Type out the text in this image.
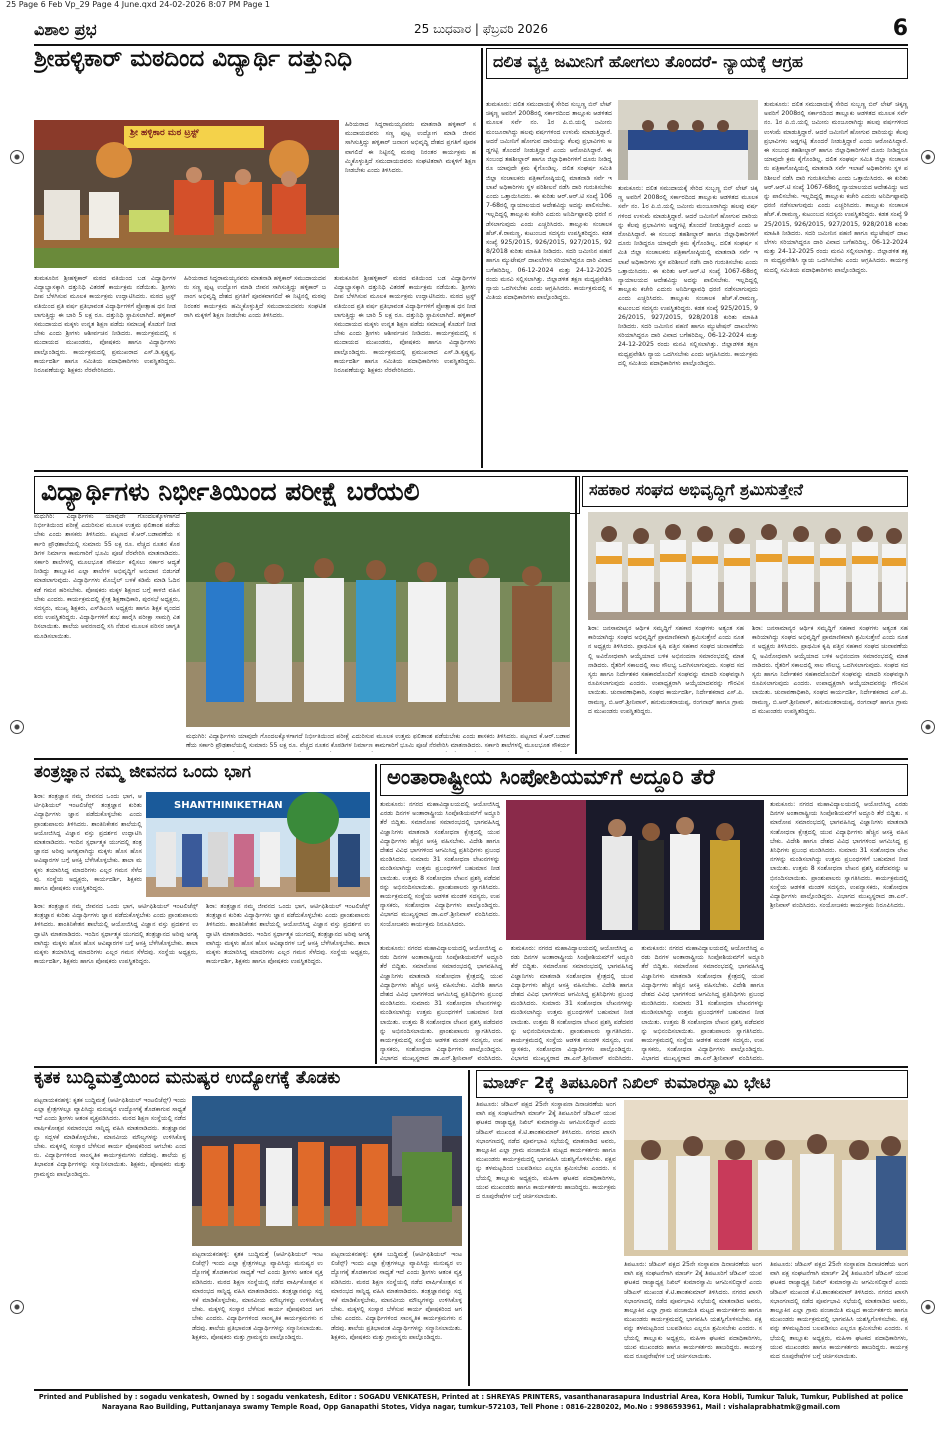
25 Page 6 Feb Vp_29 Page 4 June.qxd 24-02-2026 8:07 PM Page 1
ವಿಶಾಲ ಪ್ರಭ	25 ಬುಧವಾರ | ಫೆಬ್ರವರಿ 2026	6
ಶ್ರೀಹಳ್ಳಿಕಾರ್ ಮಠದಿಂದ ವಿದ್ಯಾರ್ಥಿ ದತ್ತುನಿಧಿ
ಶ್ರೀ ಹಳ್ಳಿಕಾರ ಮಠ ಟ್ರಸ್ಟ್
ಹಿರಿಯರಾದ ಸಿದ್ಧರಾಮಯ್ಯನವರು ಮಾತನಾಡಿ ಹಳ್ಳಿಕಾರ್ ಸಮುದಾಯದವರು ಸಣ್ಣ ಪುಟ್ಟ ಉದ್ಯೋಗ ಮಾಡಿ ಜೀವನ ಸಾಗಿಸುತ್ತಿದ್ದು ಹಳ್ಳಿಕಾರ್ ಜನಾಂಗ ಅಭಿವೃದ್ಧಿ ದೇಶದ ಪ್ರಗತಿಗೆ ಪೂರಕವಾಗಲಿದೆ ಈ ನಿಟ್ಟಿನಲ್ಲಿ ಮಠವು ನಿರಂತರ ಕಾರ್ಯಕ್ರಮ ಹಮ್ಮಿಕೊಳ್ಳುತ್ತಿದೆ ಸಮುದಾಯದವರು ಸಂಘಟಿತರಾಗಿ ಮಕ್ಕಳಿಗೆ ಶಿಕ್ಷಣ ನೀಡಬೇಕು ಎಂದು ತಿಳಿಸಿದರು.
ತುಮಕೂರಿನ ಶ್ರೀಹಳ್ಳಿಕಾರ್ ಮಠದ ವತಿಯಿಂದ ಬಡ ವಿದ್ಯಾರ್ಥಿಗಳ ವಿದ್ಯಾಭ್ಯಾಸಕ್ಕಾಗಿ ದತ್ತುನಿಧಿ ವಿತರಣೆ ಕಾರ್ಯಕ್ರಮ ನಡೆಯಿತು. ಶ್ರೀಗಳು ದೀಪ ಬೆಳಗಿಸುವ ಮೂಲಕ ಕಾರ್ಯಕ್ರಮ ಉದ್ಘಾಟಿಸಿದರು. ಮಠದ ಟ್ರಸ್ಟ್ ವತಿಯಿಂದ ಪ್ರತಿ ವರ್ಷ ಪ್ರತಿಭಾವಂತ ವಿದ್ಯಾರ್ಥಿಗಳಿಗೆ ಪ್ರೋತ್ಸಾಹ ಧನ ನೀಡಲಾಗುತ್ತಿದ್ದು ಈ ಬಾರಿ 5 ಲಕ್ಷ ರೂ. ದತ್ತುನಿಧಿ ಸ್ಥಾಪಿಸಲಾಗಿದೆ. ಹಳ್ಳಿಕಾರ್ ಸಮುದಾಯದ ಮಕ್ಕಳು ಉನ್ನತ ಶಿಕ್ಷಣ ಪಡೆದು ಸಮಾಜಕ್ಕೆ ಕೊಡುಗೆ ನೀಡಬೇಕು ಎಂದು ಶ್ರೀಗಳು ಆಶೀರ್ವಚನ ನೀಡಿದರು. ಕಾರ್ಯಕ್ರಮದಲ್ಲಿ ಸಮುದಾಯದ ಮುಖಂಡರು, ಪೋಷಕರು ಹಾಗೂ ವಿದ್ಯಾರ್ಥಿಗಳು ಪಾಲ್ಗೊಂಡಿದ್ದರು. ಕಾರ್ಯಕ್ರಮದಲ್ಲಿ ಪ್ರಮುಖರಾದ ಎಸ್.ಡಿ.ಕೃಷ್ಣಪ್ಪ, ಕಾರ್ಯದರ್ಶಿ ಹಾಗೂ ಸಮಿತಿಯ ಪದಾಧಿಕಾರಿಗಳು ಉಪಸ್ಥಿತರಿದ್ದರು. ನಿರೂಪಣೆಯನ್ನು ಶಿಕ್ಷಕರು ನೆರವೇರಿಸಿದರು.
ಹಿರಿಯರಾದ ಸಿದ್ಧರಾಮಯ್ಯನವರು ಮಾತನಾಡಿ ಹಳ್ಳಿಕಾರ್ ಸಮುದಾಯದವರು ಸಣ್ಣ ಪುಟ್ಟ ಉದ್ಯೋಗ ಮಾಡಿ ಜೀವನ ಸಾಗಿಸುತ್ತಿದ್ದು ಹಳ್ಳಿಕಾರ್ ಜನಾಂಗ ಅಭಿವೃದ್ಧಿ ದೇಶದ ಪ್ರಗತಿಗೆ ಪೂರಕವಾಗಲಿದೆ ಈ ನಿಟ್ಟಿನಲ್ಲಿ ಮಠವು ನಿರಂತರ ಕಾರ್ಯಕ್ರಮ ಹಮ್ಮಿಕೊಳ್ಳುತ್ತಿದೆ ಸಮುದಾಯದವರು ಸಂಘಟಿತರಾಗಿ ಮಕ್ಕಳಿಗೆ ಶಿಕ್ಷಣ ನೀಡಬೇಕು ಎಂದು ತಿಳಿಸಿದರು.
ತುಮಕೂರಿನ ಶ್ರೀಹಳ್ಳಿಕಾರ್ ಮಠದ ವತಿಯಿಂದ ಬಡ ವಿದ್ಯಾರ್ಥಿಗಳ ವಿದ್ಯಾಭ್ಯಾಸಕ್ಕಾಗಿ ದತ್ತುನಿಧಿ ವಿತರಣೆ ಕಾರ್ಯಕ್ರಮ ನಡೆಯಿತು. ಶ್ರೀಗಳು ದೀಪ ಬೆಳಗಿಸುವ ಮೂಲಕ ಕಾರ್ಯಕ್ರಮ ಉದ್ಘಾಟಿಸಿದರು. ಮಠದ ಟ್ರಸ್ಟ್ ವತಿಯಿಂದ ಪ್ರತಿ ವರ್ಷ ಪ್ರತಿಭಾವಂತ ವಿದ್ಯಾರ್ಥಿಗಳಿಗೆ ಪ್ರೋತ್ಸಾಹ ಧನ ನೀಡಲಾಗುತ್ತಿದ್ದು ಈ ಬಾರಿ 5 ಲಕ್ಷ ರೂ. ದತ್ತುನಿಧಿ ಸ್ಥಾಪಿಸಲಾಗಿದೆ. ಹಳ್ಳಿಕಾರ್ ಸಮುದಾಯದ ಮಕ್ಕಳು ಉನ್ನತ ಶಿಕ್ಷಣ ಪಡೆದು ಸಮಾಜಕ್ಕೆ ಕೊಡುಗೆ ನೀಡಬೇಕು ಎಂದು ಶ್ರೀಗಳು ಆಶೀರ್ವಚನ ನೀಡಿದರು. ಕಾರ್ಯಕ್ರಮದಲ್ಲಿ ಸಮುದಾಯದ ಮುಖಂಡರು, ಪೋಷಕರು ಹಾಗೂ ವಿದ್ಯಾರ್ಥಿಗಳು ಪಾಲ್ಗೊಂಡಿದ್ದರು. ಕಾರ್ಯಕ್ರಮದಲ್ಲಿ ಪ್ರಮುಖರಾದ ಎಸ್.ಡಿ.ಕೃಷ್ಣಪ್ಪ, ಕಾರ್ಯದರ್ಶಿ ಹಾಗೂ ಸಮಿತಿಯ ಪದಾಧಿಕಾರಿಗಳು ಉಪಸ್ಥಿತರಿದ್ದರು. ನಿರೂಪಣೆಯನ್ನು ಶಿಕ್ಷಕರು ನೆರವೇರಿಸಿದರು.
ದಲಿತ ವ್ಯಕ್ತಿ ಜಮೀನಿಗೆ ಹೋಗಲು ತೊಂದರೆ- ನ್ಯಾಯಕ್ಕೆ ಆಗ್ರಹ
ತುಮಕೂರು: ದಲಿತ ಸಮುದಾಯಕ್ಕೆ ಸೇರಿದ ಸುಬ್ಬಣ್ಣ ಬಿನ್ ಲೇಟ್ ಚಿಕ್ಕಣ್ಣ ಅವರಿಗೆ 2008ರಲ್ಲಿ ಸರ್ಕಾರದಿಂದ ತಾಲ್ಲೂಕು ಆಡಳಿತದ ಮೂಲಕ ಸರ್ವೆ ನಂ. 1ರ ಪಿ.ಬಿ.ಯಲ್ಲಿ ಜಮೀನು ಮಂಜೂರಾಗಿದ್ದು ಹಲವು ವರ್ಷಗಳಿಂದ ಉಳುಮೆ ಮಾಡುತ್ತಿದ್ದಾರೆ. ಆದರೆ ಜಮೀನಿಗೆ ಹೋಗುವ ದಾರಿಯನ್ನು ಕೆಲವು ಪ್ರಭಾವಿಗಳು ಅಡ್ಡಗಟ್ಟಿ ತೊಂದರೆ ನೀಡುತ್ತಿದ್ದಾರೆ ಎಂದು ಆರೋಪಿಸಿದ್ದಾರೆ. ಈ ಸಂಬಂಧ ತಹಶೀಲ್ದಾರ್ ಹಾಗೂ ಜಿಲ್ಲಾಧಿಕಾರಿಗಳಿಗೆ ದೂರು ನೀಡಿದ್ದರೂ ಯಾವುದೇ ಕ್ರಮ ಕೈಗೊಂಡಿಲ್ಲ. ದಲಿತ ಸಂಘರ್ಷ ಸಮಿತಿ ಜಿಲ್ಲಾ ಸಂಚಾಲಕರು ಪತ್ರಿಕಾಗೋಷ್ಠಿಯಲ್ಲಿ ಮಾತನಾಡಿ ಸರ್ವೆ ಇಲಾಖೆ ಅಧಿಕಾರಿಗಳು ಸ್ಥಳ ಪರಿಶೀಲನೆ ನಡೆಸಿ ದಾರಿ ಗುರುತಿಸಬೇಕು ಎಂದು ಒತ್ತಾಯಿಸಿದರು. ಈ ಕುರಿತು ಆರ್.ಆರ್.ಟಿ ಸಂಖ್ಯೆ 1067-68ರಲ್ಲಿ ನ್ಯಾಯಾಲಯದ ಆದೇಶವಿದ್ದು ಅದನ್ನು ಪಾಲಿಸಬೇಕು. ಇಲ್ಲದಿದ್ದಲ್ಲಿ ತಾಲ್ಲೂಕು ಕಚೇರಿ ಎದುರು ಅನಿರ್ದಿಷ್ಟಾವಧಿ ಧರಣಿ ನಡೆಸಲಾಗುವುದು ಎಂದು ಎಚ್ಚರಿಸಿದರು. ತಾಲ್ಲೂಕು ಸಂಚಾಲಕ ಹೆಚ್.ಕೆ.ರಾಮಣ್ಣ, ಕುಟುಂಬದ ಸದಸ್ಯರು ಉಪಸ್ಥಿತರಿದ್ದರು. ಕಡತ ಸಂಖ್ಯೆ 925/2015, 926/2015, 927/2015, 928/2018 ಕುರಿತು ಮಾಹಿತಿ ನೀಡಿದರು. ಸದರಿ ಜಮೀನಿನ ಪಹಣಿ ಹಾಗೂ ಮ್ಯುಟೇಷನ್ ದಾಖಲೆಗಳು ಸರಿಯಾಗಿದ್ದರೂ ದಾರಿ ವಿವಾದ ಬಗೆಹರಿದಿಲ್ಲ. 06-12-2024 ಮತ್ತು 24-12-2025 ರಂದು ಮನವಿ ಸಲ್ಲಿಸಲಾಗಿತ್ತು. ಜಿಲ್ಲಾಡಳಿತ ತಕ್ಷಣ ಮಧ್ಯಪ್ರವೇಶಿಸಿ ನ್ಯಾಯ ಒದಗಿಸಬೇಕು ಎಂದು ಆಗ್ರಹಿಸಿದರು. ಕಾರ್ಯಕ್ರಮದಲ್ಲಿ ಸಮಿತಿಯ ಪದಾಧಿಕಾರಿಗಳು ಪಾಲ್ಗೊಂಡಿದ್ದರು.
ತುಮಕೂರು: ದಲಿತ ಸಮುದಾಯಕ್ಕೆ ಸೇರಿದ ಸುಬ್ಬಣ್ಣ ಬಿನ್ ಲೇಟ್ ಚಿಕ್ಕಣ್ಣ ಅವರಿಗೆ 2008ರಲ್ಲಿ ಸರ್ಕಾರದಿಂದ ತಾಲ್ಲೂಕು ಆಡಳಿತದ ಮೂಲಕ ಸರ್ವೆ ನಂ. 1ರ ಪಿ.ಬಿ.ಯಲ್ಲಿ ಜಮೀನು ಮಂಜೂರಾಗಿದ್ದು ಹಲವು ವರ್ಷಗಳಿಂದ ಉಳುಮೆ ಮಾಡುತ್ತಿದ್ದಾರೆ. ಆದರೆ ಜಮೀನಿಗೆ ಹೋಗುವ ದಾರಿಯನ್ನು ಕೆಲವು ಪ್ರಭಾವಿಗಳು ಅಡ್ಡಗಟ್ಟಿ ತೊಂದರೆ ನೀಡುತ್ತಿದ್ದಾರೆ ಎಂದು ಆರೋಪಿಸಿದ್ದಾರೆ. ಈ ಸಂಬಂಧ ತಹಶೀಲ್ದಾರ್ ಹಾಗೂ ಜಿಲ್ಲಾಧಿಕಾರಿಗಳಿಗೆ ದೂರು ನೀಡಿದ್ದರೂ ಯಾವುದೇ ಕ್ರಮ ಕೈಗೊಂಡಿಲ್ಲ. ದಲಿತ ಸಂಘರ್ಷ ಸಮಿತಿ ಜಿಲ್ಲಾ ಸಂಚಾಲಕರು ಪತ್ರಿಕಾಗೋಷ್ಠಿಯಲ್ಲಿ ಮಾತನಾಡಿ ಸರ್ವೆ ಇಲಾಖೆ ಅಧಿಕಾರಿಗಳು ಸ್ಥಳ ಪರಿಶೀಲನೆ ನಡೆಸಿ ದಾರಿ ಗುರುತಿಸಬೇಕು ಎಂದು ಒತ್ತಾಯಿಸಿದರು. ಈ ಕುರಿತು ಆರ್.ಆರ್.ಟಿ ಸಂಖ್ಯೆ 1067-68ರಲ್ಲಿ ನ್ಯಾಯಾಲಯದ ಆದೇಶವಿದ್ದು ಅದನ್ನು ಪಾಲಿಸಬೇಕು. ಇಲ್ಲದಿದ್ದಲ್ಲಿ ತಾಲ್ಲೂಕು ಕಚೇರಿ ಎದುರು ಅನಿರ್ದಿಷ್ಟಾವಧಿ ಧರಣಿ ನಡೆಸಲಾಗುವುದು ಎಂದು ಎಚ್ಚರಿಸಿದರು. ತಾಲ್ಲೂಕು ಸಂಚಾಲಕ ಹೆಚ್.ಕೆ.ರಾಮಣ್ಣ, ಕುಟುಂಬದ ಸದಸ್ಯರು ಉಪಸ್ಥಿತರಿದ್ದರು. ಕಡತ ಸಂಖ್ಯೆ 925/2015, 926/2015, 927/2015, 928/2018 ಕುರಿತು ಮಾಹಿತಿ ನೀಡಿದರು. ಸದರಿ ಜಮೀನಿನ ಪಹಣಿ ಹಾಗೂ ಮ್ಯುಟೇಷನ್ ದಾಖಲೆಗಳು ಸರಿಯಾಗಿದ್ದರೂ ದಾರಿ ವಿವಾದ ಬಗೆಹರಿದಿಲ್ಲ. 06-12-2024 ಮತ್ತು 24-12-2025 ರಂದು ಮನವಿ ಸಲ್ಲಿಸಲಾಗಿತ್ತು. ಜಿಲ್ಲಾಡಳಿತ ತಕ್ಷಣ ಮಧ್ಯಪ್ರವೇಶಿಸಿ ನ್ಯಾಯ ಒದಗಿಸಬೇಕು ಎಂದು ಆಗ್ರಹಿಸಿದರು. ಕಾರ್ಯಕ್ರಮದಲ್ಲಿ ಸಮಿತಿಯ ಪದಾಧಿಕಾರಿಗಳು ಪಾಲ್ಗೊಂಡಿದ್ದರು.
ತುಮಕೂರು: ದಲಿತ ಸಮುದಾಯಕ್ಕೆ ಸೇರಿದ ಸುಬ್ಬಣ್ಣ ಬಿನ್ ಲೇಟ್ ಚಿಕ್ಕಣ್ಣ ಅವರಿಗೆ 2008ರಲ್ಲಿ ಸರ್ಕಾರದಿಂದ ತಾಲ್ಲೂಕು ಆಡಳಿತದ ಮೂಲಕ ಸರ್ವೆ ನಂ. 1ರ ಪಿ.ಬಿ.ಯಲ್ಲಿ ಜಮೀನು ಮಂಜೂರಾಗಿದ್ದು ಹಲವು ವರ್ಷಗಳಿಂದ ಉಳುಮೆ ಮಾಡುತ್ತಿದ್ದಾರೆ. ಆದರೆ ಜಮೀನಿಗೆ ಹೋಗುವ ದಾರಿಯನ್ನು ಕೆಲವು ಪ್ರಭಾವಿಗಳು ಅಡ್ಡಗಟ್ಟಿ ತೊಂದರೆ ನೀಡುತ್ತಿದ್ದಾರೆ ಎಂದು ಆರೋಪಿಸಿದ್ದಾರೆ. ಈ ಸಂಬಂಧ ತಹಶೀಲ್ದಾರ್ ಹಾಗೂ ಜಿಲ್ಲಾಧಿಕಾರಿಗಳಿಗೆ ದೂರು ನೀಡಿದ್ದರೂ ಯಾವುದೇ ಕ್ರಮ ಕೈಗೊಂಡಿಲ್ಲ. ದಲಿತ ಸಂಘರ್ಷ ಸಮಿತಿ ಜಿಲ್ಲಾ ಸಂಚಾಲಕರು ಪತ್ರಿಕಾಗೋಷ್ಠಿಯಲ್ಲಿ ಮಾತನಾಡಿ ಸರ್ವೆ ಇಲಾಖೆ ಅಧಿಕಾರಿಗಳು ಸ್ಥಳ ಪರಿಶೀಲನೆ ನಡೆಸಿ ದಾರಿ ಗುರುತಿಸಬೇಕು ಎಂದು ಒತ್ತಾಯಿಸಿದರು. ಈ ಕುರಿತು ಆರ್.ಆರ್.ಟಿ ಸಂಖ್ಯೆ 1067-68ರಲ್ಲಿ ನ್ಯಾಯಾಲಯದ ಆದೇಶವಿದ್ದು ಅದನ್ನು ಪಾಲಿಸಬೇಕು. ಇಲ್ಲದಿದ್ದಲ್ಲಿ ತಾಲ್ಲೂಕು ಕಚೇರಿ ಎದುರು ಅನಿರ್ದಿಷ್ಟಾವಧಿ ಧರಣಿ ನಡೆಸಲಾಗುವುದು ಎಂದು ಎಚ್ಚರಿಸಿದರು. ತಾಲ್ಲೂಕು ಸಂಚಾಲಕ ಹೆಚ್.ಕೆ.ರಾಮಣ್ಣ, ಕುಟುಂಬದ ಸದಸ್ಯರು ಉಪಸ್ಥಿತರಿದ್ದರು. ಕಡತ ಸಂಖ್ಯೆ 925/2015, 926/2015, 927/2015, 928/2018 ಕುರಿತು ಮಾಹಿತಿ ನೀಡಿದರು. ಸದರಿ ಜಮೀನಿನ ಪಹಣಿ ಹಾಗೂ ಮ್ಯುಟೇಷನ್ ದಾಖಲೆಗಳು ಸರಿಯಾಗಿದ್ದರೂ ದಾರಿ ವಿವಾದ ಬಗೆಹರಿದಿಲ್ಲ. 06-12-2024 ಮತ್ತು 24-12-2025 ರಂದು ಮನವಿ ಸಲ್ಲಿಸಲಾಗಿತ್ತು. ಜಿಲ್ಲಾಡಳಿತ ತಕ್ಷಣ ಮಧ್ಯಪ್ರವೇಶಿಸಿ ನ್ಯಾಯ ಒದಗಿಸಬೇಕು ಎಂದು ಆಗ್ರಹಿಸಿದರು. ಕಾರ್ಯಕ್ರಮದಲ್ಲಿ ಸಮಿತಿಯ ಪದಾಧಿಕಾರಿಗಳು ಪಾಲ್ಗೊಂಡಿದ್ದರು.
ವಿದ್ಯಾರ್ಥಿಗಳು ನಿರ್ಭೀತಿಯಿಂದ ಪರೀಕ್ಷೆ ಬರೆಯಲಿ
ಮಧುಗಿರಿ: ವಿದ್ಯಾರ್ಥಿಗಳು ಯಾವುದೇ ಗೊಂದಲಕ್ಕೊಳಗಾಗದೆ ನಿರ್ಭೀತಿಯಿಂದ ಪರೀಕ್ಷೆ ಎದುರಿಸುವ ಮೂಲಕ ಉತ್ತಮ ಫಲಿತಾಂಶ ಪಡೆಯಬೇಕು ಎಂದು ಶಾಸಕರು ತಿಳಿಸಿದರು. ಪಟ್ಟಣದ ಕೆ.ಆರ್.ಬಡಾವಣೆಯ ಸರ್ಕಾರಿ ಪ್ರೌಢಶಾಲೆಯಲ್ಲಿ ಸುಮಾರು 55 ಲಕ್ಷ ರೂ. ವೆಚ್ಚದ ನೂತನ ಕೊಠಡಿಗಳ ನಿರ್ಮಾಣ ಕಾಮಗಾರಿಗೆ ಭೂಮಿ ಪೂಜೆ ನೆರವೇರಿಸಿ ಮಾತನಾಡಿದರು. ಸರ್ಕಾರಿ ಶಾಲೆಗಳಲ್ಲಿ ಮೂಲಭೂತ ಸೌಕರ್ಯ ಕಲ್ಪಿಸಲು ಸರ್ಕಾರ ಆದ್ಯತೆ ನೀಡಿದ್ದು ತಾಲ್ಲೂಕಿನ ಎಲ್ಲಾ ಶಾಲೆಗಳ ಅಭಿವೃದ್ಧಿಗೆ ಅನುದಾನ ಬಿಡುಗಡೆ ಮಾಡಲಾಗುವುದು. ವಿದ್ಯಾರ್ಥಿಗಳು ಮೊಬೈಲ್ ಬಳಕೆ ಕಡಿಮೆ ಮಾಡಿ ಓದಿನ ಕಡೆ ಗಮನ ಹರಿಸಬೇಕು. ಪೋಷಕರು ಮಕ್ಕಳ ಶಿಕ್ಷಣದ ಬಗ್ಗೆ ಕಾಳಜಿ ವಹಿಸಬೇಕು ಎಂದರು. ಕಾರ್ಯಕ್ರಮದಲ್ಲಿ ಕ್ಷೇತ್ರ ಶಿಕ್ಷಣಾಧಿಕಾರಿ, ಪುರಸಭೆ ಅಧ್ಯಕ್ಷರು, ಸದಸ್ಯರು, ಮುಖ್ಯ ಶಿಕ್ಷಕರು, ಎಸ್‌ಡಿಎಂಸಿ ಅಧ್ಯಕ್ಷರು ಹಾಗೂ ಶಿಕ್ಷಕ ವೃಂದದವರು ಉಪಸ್ಥಿತರಿದ್ದರು. ವಿದ್ಯಾರ್ಥಿಗಳಿಗೆ ಶುಭ ಹಾರೈಸಿ ಪರೀಕ್ಷಾ ಸಾಮಗ್ರಿ ವಿತರಿಸಲಾಯಿತು. ಶಾಲೆಯ ಆವರಣದಲ್ಲಿ ಸಸಿ ನೆಡುವ ಮೂಲಕ ಪರಿಸರ ಜಾಗೃತಿ ಮೂಡಿಸಲಾಯಿತು.
ಮಧುಗಿರಿ: ವಿದ್ಯಾರ್ಥಿಗಳು ಯಾವುದೇ ಗೊಂದಲಕ್ಕೊಳಗಾಗದೆ ನಿರ್ಭೀತಿಯಿಂದ ಪರೀಕ್ಷೆ ಎದುರಿಸುವ ಮೂಲಕ ಉತ್ತಮ ಫಲಿತಾಂಶ ಪಡೆಯಬೇಕು ಎಂದು ಶಾಸಕರು ತಿಳಿಸಿದರು. ಪಟ್ಟಣದ ಕೆ.ಆರ್.ಬಡಾವಣೆಯ ಸರ್ಕಾರಿ ಪ್ರೌಢಶಾಲೆಯಲ್ಲಿ ಸುಮಾರು 55 ಲಕ್ಷ ರೂ. ವೆಚ್ಚದ ನೂತನ ಕೊಠಡಿಗಳ ನಿರ್ಮಾಣ ಕಾಮಗಾರಿಗೆ ಭೂಮಿ ಪೂಜೆ ನೆರವೇರಿಸಿ ಮಾತನಾಡಿದರು. ಸರ್ಕಾರಿ ಶಾಲೆಗಳಲ್ಲಿ ಮೂಲಭೂತ ಸೌಕರ್ಯ
ಸಹಕಾರ ಸಂಘದ ಅಭಿವೃದ್ಧಿಗೆ ಶ್ರಮಿಸುತ್ತೇನೆ
ಶಿರಾ: ಜನಸಾಮಾನ್ಯರ ಆರ್ಥಿಕ ಸಮೃದ್ಧಿಗೆ ಸಹಕಾರ ಸಂಘಗಳು ಅತ್ಯಂತ ಸಹಕಾರಿಯಾಗಿದ್ದು ಸಂಘದ ಅಭಿವೃದ್ಧಿಗೆ ಪ್ರಾಮಾಣಿಕವಾಗಿ ಶ್ರಮಿಸುತ್ತೇನೆ ಎಂದು ನೂತನ ಅಧ್ಯಕ್ಷರು ತಿಳಿಸಿದರು. ಪ್ರಾಥಮಿಕ ಕೃಷಿ ಪತ್ತಿನ ಸಹಕಾರ ಸಂಘದ ಚುನಾವಣೆಯಲ್ಲಿ ಅವಿರೋಧವಾಗಿ ಆಯ್ಕೆಯಾದ ಬಳಿಕ ಅಭಿನಂದನಾ ಸಮಾರಂಭದಲ್ಲಿ ಮಾತನಾಡಿದರು. ರೈತರಿಗೆ ಸಕಾಲದಲ್ಲಿ ಸಾಲ ಸೌಲಭ್ಯ ಒದಗಿಸಲಾಗುವುದು. ಸಂಘದ ಸದಸ್ಯರು ಹಾಗೂ ನಿರ್ದೇಶಕರ ಸಹಕಾರದೊಂದಿಗೆ ಸಂಘವನ್ನು ಮಾದರಿ ಸಂಘವನ್ನಾಗಿ ರೂಪಿಸಲಾಗುವುದು ಎಂದರು. ಉಪಾಧ್ಯಕ್ಷರಾಗಿ ಆಯ್ಕೆಯಾದವರನ್ನು ಗೌರವಿಸಲಾಯಿತು. ಚುನಾವಣಾಧಿಕಾರಿ, ಸಂಘದ ಕಾರ್ಯದರ್ಶಿ, ನಿರ್ದೇಶಕರಾದ ಎಸ್.ಪಿ.ರಾಮಣ್ಣ, ಬಿ.ಆರ್.ಶ್ರೀನಿವಾಸ್, ಹನುಮಂತರಾಯಪ್ಪ, ರಂಗನಾಥ್ ಹಾಗೂ ಗ್ರಾಮದ ಮುಖಂಡರು ಉಪಸ್ಥಿತರಿದ್ದರು.
ಶಿರಾ: ಜನಸಾಮಾನ್ಯರ ಆರ್ಥಿಕ ಸಮೃದ್ಧಿಗೆ ಸಹಕಾರ ಸಂಘಗಳು ಅತ್ಯಂತ ಸಹಕಾರಿಯಾಗಿದ್ದು ಸಂಘದ ಅಭಿವೃದ್ಧಿಗೆ ಪ್ರಾಮಾಣಿಕವಾಗಿ ಶ್ರಮಿಸುತ್ತೇನೆ ಎಂದು ನೂತನ ಅಧ್ಯಕ್ಷರು ತಿಳಿಸಿದರು. ಪ್ರಾಥಮಿಕ ಕೃಷಿ ಪತ್ತಿನ ಸಹಕಾರ ಸಂಘದ ಚುನಾವಣೆಯಲ್ಲಿ ಅವಿರೋಧವಾಗಿ ಆಯ್ಕೆಯಾದ ಬಳಿಕ ಅಭಿನಂದನಾ ಸಮಾರಂಭದಲ್ಲಿ ಮಾತನಾಡಿದರು. ರೈತರಿಗೆ ಸಕಾಲದಲ್ಲಿ ಸಾಲ ಸೌಲಭ್ಯ ಒದಗಿಸಲಾಗುವುದು. ಸಂಘದ ಸದಸ್ಯರು ಹಾಗೂ ನಿರ್ದೇಶಕರ ಸಹಕಾರದೊಂದಿಗೆ ಸಂಘವನ್ನು ಮಾದರಿ ಸಂಘವನ್ನಾಗಿ ರೂಪಿಸಲಾಗುವುದು ಎಂದರು. ಉಪಾಧ್ಯಕ್ಷರಾಗಿ ಆಯ್ಕೆಯಾದವರನ್ನು ಗೌರವಿಸಲಾಯಿತು. ಚುನಾವಣಾಧಿಕಾರಿ, ಸಂಘದ ಕಾರ್ಯದರ್ಶಿ, ನಿರ್ದೇಶಕರಾದ ಎಸ್.ಪಿ.ರಾಮಣ್ಣ, ಬಿ.ಆರ್.ಶ್ರೀನಿವಾಸ್, ಹನುಮಂತರಾಯಪ್ಪ, ರಂಗನಾಥ್ ಹಾಗೂ ಗ್ರಾಮದ ಮುಖಂಡರು ಉಪಸ್ಥಿತರಿದ್ದರು.
ತಂತ್ರಜ್ಞಾನ ನಮ್ಮ ಜೀವನದ ಒಂದು ಭಾಗ
ಶಿರಾ: ತಂತ್ರಜ್ಞಾನ ನಮ್ಮ ಜೀವನದ ಒಂದು ಭಾಗ, ಆರ್ಟಿಫಿಶಿಯಲ್ ಇಂಟಲಿಜೆನ್ಸ್ ತಂತ್ರಜ್ಞಾನ ಕುರಿತು ವಿದ್ಯಾರ್ಥಿಗಳು ಜ್ಞಾನ ಪಡೆದುಕೊಳ್ಳಬೇಕು ಎಂದು ಪ್ರಾಂಶುಪಾಲರು ತಿಳಿಸಿದರು. ಶಾಂತಿನಿಕೇತನ ಶಾಲೆಯಲ್ಲಿ ಆಯೋಜಿಸಿದ್ದ ವಿಜ್ಞಾನ ವಸ್ತು ಪ್ರದರ್ಶನ ಉದ್ಘಾಟಿಸಿ ಮಾತನಾಡಿದರು. ಇಂದಿನ ಸ್ಪರ್ಧಾತ್ಮಕ ಯುಗದಲ್ಲಿ ತಂತ್ರಜ್ಞಾನದ ಅರಿವು ಅಗತ್ಯವಾಗಿದ್ದು ಮಕ್ಕಳು ಹೊಸ ಹೊಸ ಆವಿಷ್ಕಾರಗಳ ಬಗ್ಗೆ ಆಸಕ್ತಿ ಬೆಳೆಸಿಕೊಳ್ಳಬೇಕು. ಶಾಲಾ ಮಕ್ಕಳು ತಯಾರಿಸಿದ್ದ ಮಾದರಿಗಳು ಎಲ್ಲರ ಗಮನ ಸೆಳೆದವು. ಸಂಸ್ಥೆಯ ಅಧ್ಯಕ್ಷರು, ಕಾರ್ಯದರ್ಶಿ, ಶಿಕ್ಷಕರು ಹಾಗೂ ಪೋಷಕರು ಉಪಸ್ಥಿತರಿದ್ದರು.
SHANTHINIKETHAN
ಶಿರಾ: ತಂತ್ರಜ್ಞಾನ ನಮ್ಮ ಜೀವನದ ಒಂದು ಭಾಗ, ಆರ್ಟಿಫಿಶಿಯಲ್ ಇಂಟಲಿಜೆನ್ಸ್ ತಂತ್ರಜ್ಞಾನ ಕುರಿತು ವಿದ್ಯಾರ್ಥಿಗಳು ಜ್ಞಾನ ಪಡೆದುಕೊಳ್ಳಬೇಕು ಎಂದು ಪ್ರಾಂಶುಪಾಲರು ತಿಳಿಸಿದರು. ಶಾಂತಿನಿಕೇತನ ಶಾಲೆಯಲ್ಲಿ ಆಯೋಜಿಸಿದ್ದ ವಿಜ್ಞಾನ ವಸ್ತು ಪ್ರದರ್ಶನ ಉದ್ಘಾಟಿಸಿ ಮಾತನಾಡಿದರು. ಇಂದಿನ ಸ್ಪರ್ಧಾತ್ಮಕ ಯುಗದಲ್ಲಿ ತಂತ್ರಜ್ಞಾನದ ಅರಿವು ಅಗತ್ಯವಾಗಿದ್ದು ಮಕ್ಕಳು ಹೊಸ ಹೊಸ ಆವಿಷ್ಕಾರಗಳ ಬಗ್ಗೆ ಆಸಕ್ತಿ ಬೆಳೆಸಿಕೊಳ್ಳಬೇಕು. ಶಾಲಾ ಮಕ್ಕಳು ತಯಾರಿಸಿದ್ದ ಮಾದರಿಗಳು ಎಲ್ಲರ ಗಮನ ಸೆಳೆದವು. ಸಂಸ್ಥೆಯ ಅಧ್ಯಕ್ಷರು, ಕಾರ್ಯದರ್ಶಿ, ಶಿಕ್ಷಕರು ಹಾಗೂ ಪೋಷಕರು ಉಪಸ್ಥಿತರಿದ್ದರು.
ಶಿರಾ: ತಂತ್ರಜ್ಞಾನ ನಮ್ಮ ಜೀವನದ ಒಂದು ಭಾಗ, ಆರ್ಟಿಫಿಶಿಯಲ್ ಇಂಟಲಿಜೆನ್ಸ್ ತಂತ್ರಜ್ಞಾನ ಕುರಿತು ವಿದ್ಯಾರ್ಥಿಗಳು ಜ್ಞಾನ ಪಡೆದುಕೊಳ್ಳಬೇಕು ಎಂದು ಪ್ರಾಂಶುಪಾಲರು ತಿಳಿಸಿದರು. ಶಾಂತಿನಿಕೇತನ ಶಾಲೆಯಲ್ಲಿ ಆಯೋಜಿಸಿದ್ದ ವಿಜ್ಞಾನ ವಸ್ತು ಪ್ರದರ್ಶನ ಉದ್ಘಾಟಿಸಿ ಮಾತನಾಡಿದರು. ಇಂದಿನ ಸ್ಪರ್ಧಾತ್ಮಕ ಯುಗದಲ್ಲಿ ತಂತ್ರಜ್ಞಾನದ ಅರಿವು ಅಗತ್ಯವಾಗಿದ್ದು ಮಕ್ಕಳು ಹೊಸ ಹೊಸ ಆವಿಷ್ಕಾರಗಳ ಬಗ್ಗೆ ಆಸಕ್ತಿ ಬೆಳೆಸಿಕೊಳ್ಳಬೇಕು. ಶಾಲಾ ಮಕ್ಕಳು ತಯಾರಿಸಿದ್ದ ಮಾದರಿಗಳು ಎಲ್ಲರ ಗಮನ ಸೆಳೆದವು. ಸಂಸ್ಥೆಯ ಅಧ್ಯಕ್ಷರು, ಕಾರ್ಯದರ್ಶಿ, ಶಿಕ್ಷಕರು ಹಾಗೂ ಪೋಷಕರು ಉಪಸ್ಥಿತರಿದ್ದರು.
ಅಂತಾರಾಷ್ಟ್ರೀಯ ಸಿಂಪೋಶಿಯಮ್‌ಗೆ ಅದ್ದೂರಿ ತೆರೆ
ತುಮಕೂರು: ನಗರದ ಮಹಾವಿದ್ಯಾಲಯದಲ್ಲಿ ಆಯೋಜಿಸಿದ್ದ ಎರಡು ದಿನಗಳ ಅಂತಾರಾಷ್ಟ್ರೀಯ ಸಿಂಪೋಶಿಯಮ್‌ಗೆ ಅದ್ದೂರಿ ತೆರೆ ಬಿದ್ದಿತು. ಸಮಾರೋಪ ಸಮಾರಂಭದಲ್ಲಿ ಭಾಗವಹಿಸಿದ್ದ ವಿಜ್ಞಾನಿಗಳು ಮಾತನಾಡಿ ಸಂಶೋಧನಾ ಕ್ಷೇತ್ರದಲ್ಲಿ ಯುವ ವಿದ್ಯಾರ್ಥಿಗಳು ಹೆಚ್ಚಿನ ಆಸಕ್ತಿ ವಹಿಸಬೇಕು. ವಿದೇಶಿ ಹಾಗೂ ದೇಶದ ವಿವಿಧ ಭಾಗಗಳಿಂದ ಆಗಮಿಸಿದ್ದ ಪ್ರತಿನಿಧಿಗಳು ಪ್ರಬಂಧ ಮಂಡಿಸಿದರು. ಸುಮಾರು 31 ಸಂಶೋಧನಾ ಲೇಖನಗಳನ್ನು ಮಂಡಿಸಲಾಗಿದ್ದು ಉತ್ತಮ ಪ್ರಬಂಧಗಳಿಗೆ ಬಹುಮಾನ ನೀಡಲಾಯಿತು. ಉತ್ತಮ 8 ಸಂಶೋಧನಾ ಲೇಖನ ಪ್ರಶಸ್ತಿ ಪಡೆದವರನ್ನು ಅಭಿನಂದಿಸಲಾಯಿತು. ಪ್ರಾಂಶುಪಾಲರು ಸ್ವಾಗತಿಸಿದರು. ಕಾರ್ಯಕ್ರಮದಲ್ಲಿ ಸಂಸ್ಥೆಯ ಆಡಳಿತ ಮಂಡಳಿ ಸದಸ್ಯರು, ಉಪನ್ಯಾಸಕರು, ಸಂಶೋಧನಾ ವಿದ್ಯಾರ್ಥಿಗಳು ಪಾಲ್ಗೊಂಡಿದ್ದರು. ವಿಭಾಗದ ಮುಖ್ಯಸ್ಥರಾದ ಡಾ.ಎನ್.ಶ್ರೀನಿವಾಸ್ ವಂದಿಸಿದರು. ಸಂಯೋಜಕರು ಕಾರ್ಯಕ್ರಮ ನಿರೂಪಿಸಿದರು.
ತುಮಕೂರು: ನಗರದ ಮಹಾವಿದ್ಯಾಲಯದಲ್ಲಿ ಆಯೋಜಿಸಿದ್ದ ಎರಡು ದಿನಗಳ ಅಂತಾರಾಷ್ಟ್ರೀಯ ಸಿಂಪೋಶಿಯಮ್‌ಗೆ ಅದ್ದೂರಿ ತೆರೆ ಬಿದ್ದಿತು. ಸಮಾರೋಪ ಸಮಾರಂಭದಲ್ಲಿ ಭಾಗವಹಿಸಿದ್ದ ವಿಜ್ಞಾನಿಗಳು ಮಾತನಾಡಿ ಸಂಶೋಧನಾ ಕ್ಷೇತ್ರದಲ್ಲಿ ಯುವ ವಿದ್ಯಾರ್ಥಿಗಳು ಹೆಚ್ಚಿನ ಆಸಕ್ತಿ ವಹಿಸಬೇಕು. ವಿದೇಶಿ ಹಾಗೂ ದೇಶದ ವಿವಿಧ ಭಾಗಗಳಿಂದ ಆಗಮಿಸಿದ್ದ ಪ್ರತಿನಿಧಿಗಳು ಪ್ರಬಂಧ ಮಂಡಿಸಿದರು. ಸುಮಾರು 31 ಸಂಶೋಧನಾ ಲೇಖನಗಳನ್ನು ಮಂಡಿಸಲಾಗಿದ್ದು ಉತ್ತಮ ಪ್ರಬಂಧಗಳಿಗೆ ಬಹುಮಾನ ನೀಡಲಾಯಿತು. ಉತ್ತಮ 8 ಸಂಶೋಧನಾ ಲೇಖನ ಪ್ರಶಸ್ತಿ ಪಡೆದವರನ್ನು ಅಭಿನಂದಿಸಲಾಯಿತು. ಪ್ರಾಂಶುಪಾಲರು ಸ್ವಾಗತಿಸಿದರು. ಕಾರ್ಯಕ್ರಮದಲ್ಲಿ ಸಂಸ್ಥೆಯ ಆಡಳಿತ ಮಂಡಳಿ ಸದಸ್ಯರು, ಉಪನ್ಯಾಸಕರು, ಸಂಶೋಧನಾ ವಿದ್ಯಾರ್ಥಿಗಳು ಪಾಲ್ಗೊಂಡಿದ್ದರು. ವಿಭಾಗದ ಮುಖ್ಯಸ್ಥರಾದ ಡಾ.ಎನ್.ಶ್ರೀನಿವಾಸ್ ವಂದಿಸಿದರು. ಸಂಯೋಜಕರು ಕಾರ್ಯಕ್ರಮ ನಿರೂಪಿಸಿದರು.
ತುಮಕೂರು: ನಗರದ ಮಹಾವಿದ್ಯಾಲಯದಲ್ಲಿ ಆಯೋಜಿಸಿದ್ದ ಎರಡು ದಿನಗಳ ಅಂತಾರಾಷ್ಟ್ರೀಯ ಸಿಂಪೋಶಿಯಮ್‌ಗೆ ಅದ್ದೂರಿ ತೆರೆ ಬಿದ್ದಿತು. ಸಮಾರೋಪ ಸಮಾರಂಭದಲ್ಲಿ ಭಾಗವಹಿಸಿದ್ದ ವಿಜ್ಞಾನಿಗಳು ಮಾತನಾಡಿ ಸಂಶೋಧನಾ ಕ್ಷೇತ್ರದಲ್ಲಿ ಯುವ ವಿದ್ಯಾರ್ಥಿಗಳು ಹೆಚ್ಚಿನ ಆಸಕ್ತಿ ವಹಿಸಬೇಕು. ವಿದೇಶಿ ಹಾಗೂ ದೇಶದ ವಿವಿಧ ಭಾಗಗಳಿಂದ ಆಗಮಿಸಿದ್ದ ಪ್ರತಿನಿಧಿಗಳು ಪ್ರಬಂಧ ಮಂಡಿಸಿದರು. ಸುಮಾರು 31 ಸಂಶೋಧನಾ ಲೇಖನಗಳನ್ನು ಮಂಡಿಸಲಾಗಿದ್ದು ಉತ್ತಮ ಪ್ರಬಂಧಗಳಿಗೆ ಬಹುಮಾನ ನೀಡಲಾಯಿತು. ಉತ್ತಮ 8 ಸಂಶೋಧನಾ ಲೇಖನ ಪ್ರಶಸ್ತಿ ಪಡೆದವರನ್ನು ಅಭಿನಂದಿಸಲಾಯಿತು. ಪ್ರಾಂಶುಪಾಲರು ಸ್ವಾಗತಿಸಿದರು. ಕಾರ್ಯಕ್ರಮದಲ್ಲಿ ಸಂಸ್ಥೆಯ ಆಡಳಿತ ಮಂಡಳಿ ಸದಸ್ಯರು, ಉಪನ್ಯಾಸಕರು, ಸಂಶೋಧನಾ ವಿದ್ಯಾರ್ಥಿಗಳು ಪಾಲ್ಗೊಂಡಿದ್ದರು. ವಿಭಾಗದ ಮುಖ್ಯಸ್ಥರಾದ ಡಾ.ಎನ್.ಶ್ರೀನಿವಾಸ್ ವಂದಿಸಿದರು.
ತುಮಕೂರು: ನಗರದ ಮಹಾವಿದ್ಯಾಲಯದಲ್ಲಿ ಆಯೋಜಿಸಿದ್ದ ಎರಡು ದಿನಗಳ ಅಂತಾರಾಷ್ಟ್ರೀಯ ಸಿಂಪೋಶಿಯಮ್‌ಗೆ ಅದ್ದೂರಿ ತೆರೆ ಬಿದ್ದಿತು. ಸಮಾರೋಪ ಸಮಾರಂಭದಲ್ಲಿ ಭಾಗವಹಿಸಿದ್ದ ವಿಜ್ಞಾನಿಗಳು ಮಾತನಾಡಿ ಸಂಶೋಧನಾ ಕ್ಷೇತ್ರದಲ್ಲಿ ಯುವ ವಿದ್ಯಾರ್ಥಿಗಳು ಹೆಚ್ಚಿನ ಆಸಕ್ತಿ ವಹಿಸಬೇಕು. ವಿದೇಶಿ ಹಾಗೂ ದೇಶದ ವಿವಿಧ ಭಾಗಗಳಿಂದ ಆಗಮಿಸಿದ್ದ ಪ್ರತಿನಿಧಿಗಳು ಪ್ರಬಂಧ ಮಂಡಿಸಿದರು. ಸುಮಾರು 31 ಸಂಶೋಧನಾ ಲೇಖನಗಳನ್ನು ಮಂಡಿಸಲಾಗಿದ್ದು ಉತ್ತಮ ಪ್ರಬಂಧಗಳಿಗೆ ಬಹುಮಾನ ನೀಡಲಾಯಿತು. ಉತ್ತಮ 8 ಸಂಶೋಧನಾ ಲೇಖನ ಪ್ರಶಸ್ತಿ ಪಡೆದವರನ್ನು ಅಭಿನಂದಿಸಲಾಯಿತು. ಪ್ರಾಂಶುಪಾಲರು ಸ್ವಾಗತಿಸಿದರು. ಕಾರ್ಯಕ್ರಮದಲ್ಲಿ ಸಂಸ್ಥೆಯ ಆಡಳಿತ ಮಂಡಳಿ ಸದಸ್ಯರು, ಉಪನ್ಯಾಸಕರು, ಸಂಶೋಧನಾ ವಿದ್ಯಾರ್ಥಿಗಳು ಪಾಲ್ಗೊಂಡಿದ್ದರು. ವಿಭಾಗದ ಮುಖ್ಯಸ್ಥರಾದ ಡಾ.ಎನ್.ಶ್ರೀನಿವಾಸ್ ವಂದಿಸಿದರು.
ತುಮಕೂರು: ನಗರದ ಮಹಾವಿದ್ಯಾಲಯದಲ್ಲಿ ಆಯೋಜಿಸಿದ್ದ ಎರಡು ದಿನಗಳ ಅಂತಾರಾಷ್ಟ್ರೀಯ ಸಿಂಪೋಶಿಯಮ್‌ಗೆ ಅದ್ದೂರಿ ತೆರೆ ಬಿದ್ದಿತು. ಸಮಾರೋಪ ಸಮಾರಂಭದಲ್ಲಿ ಭಾಗವಹಿಸಿದ್ದ ವಿಜ್ಞಾನಿಗಳು ಮಾತನಾಡಿ ಸಂಶೋಧನಾ ಕ್ಷೇತ್ರದಲ್ಲಿ ಯುವ ವಿದ್ಯಾರ್ಥಿಗಳು ಹೆಚ್ಚಿನ ಆಸಕ್ತಿ ವಹಿಸಬೇಕು. ವಿದೇಶಿ ಹಾಗೂ ದೇಶದ ವಿವಿಧ ಭಾಗಗಳಿಂದ ಆಗಮಿಸಿದ್ದ ಪ್ರತಿನಿಧಿಗಳು ಪ್ರಬಂಧ ಮಂಡಿಸಿದರು. ಸುಮಾರು 31 ಸಂಶೋಧನಾ ಲೇಖನಗಳನ್ನು ಮಂಡಿಸಲಾಗಿದ್ದು ಉತ್ತಮ ಪ್ರಬಂಧಗಳಿಗೆ ಬಹುಮಾನ ನೀಡಲಾಯಿತು. ಉತ್ತಮ 8 ಸಂಶೋಧನಾ ಲೇಖನ ಪ್ರಶಸ್ತಿ ಪಡೆದವರನ್ನು ಅಭಿನಂದಿಸಲಾಯಿತು. ಪ್ರಾಂಶುಪಾಲರು ಸ್ವಾಗತಿಸಿದರು. ಕಾರ್ಯಕ್ರಮದಲ್ಲಿ ಸಂಸ್ಥೆಯ ಆಡಳಿತ ಮಂಡಳಿ ಸದಸ್ಯರು, ಉಪನ್ಯಾಸಕರು, ಸಂಶೋಧನಾ ವಿದ್ಯಾರ್ಥಿಗಳು ಪಾಲ್ಗೊಂಡಿದ್ದರು. ವಿಭಾಗದ ಮುಖ್ಯಸ್ಥರಾದ ಡಾ.ಎನ್.ಶ್ರೀನಿವಾಸ್ ವಂದಿಸಿದರು.
ಕೃತಕ ಬುದ್ಧಿಮತ್ತೆಯಿಂದ ಮನುಷ್ಯರ ಉದ್ಯೋಗಕ್ಕೆ ತೊಡಕು
ಪಟ್ಟನಾಯಕನಹಳ್ಳಿ: ಕೃತಕ ಬುದ್ಧಿಮತ್ತೆ (ಆರ್ಟಿಫಿಶಿಯಲ್ ಇಂಟಲಿಜೆನ್ಸ್) ಇಂದು ಎಲ್ಲಾ ಕ್ಷೇತ್ರಗಳಲ್ಲೂ ವ್ಯಾಪಿಸಿದ್ದು ಮನುಷ್ಯರ ಉದ್ಯೋಗಕ್ಕೆ ತೊಡಕಾಗುವ ಸಾಧ್ಯತೆ ಇದೆ ಎಂದು ಶ್ರೀಗಳು ಆತಂಕ ವ್ಯಕ್ತಪಡಿಸಿದರು. ಮಠದ ಶಿಕ್ಷಣ ಸಂಸ್ಥೆಯಲ್ಲಿ ನಡೆದ ವಾರ್ಷಿಕೋತ್ಸವ ಸಮಾರಂಭದ ಸಾನ್ನಿಧ್ಯ ವಹಿಸಿ ಮಾತನಾಡಿದರು. ತಂತ್ರಜ್ಞಾನವನ್ನು ಸದ್ಬಳಕೆ ಮಾಡಿಕೊಳ್ಳಬೇಕು, ಮಾನವೀಯ ಮೌಲ್ಯಗಳನ್ನು ಉಳಿಸಿಕೊಳ್ಳಬೇಕು. ಮಕ್ಕಳಲ್ಲಿ ಸಂಸ್ಕಾರ ಬೆಳೆಸುವ ಕಾರ್ಯ ಪೋಷಕರಿಂದ ಆಗಬೇಕು ಎಂದರು. ವಿದ್ಯಾರ್ಥಿಗಳಿಂದ ಸಾಂಸ್ಕೃತಿಕ ಕಾರ್ಯಕ್ರಮಗಳು ನಡೆದವು. ಶಾಲೆಯ ಪ್ರತಿಭಾವಂತ ವಿದ್ಯಾರ್ಥಿಗಳನ್ನು ಸನ್ಮಾನಿಸಲಾಯಿತು. ಶಿಕ್ಷಕರು, ಪೋಷಕರು ಮತ್ತು ಗ್ರಾಮಸ್ಥರು ಪಾಲ್ಗೊಂಡಿದ್ದರು.
ಪಟ್ಟನಾಯಕನಹಳ್ಳಿ: ಕೃತಕ ಬುದ್ಧಿಮತ್ತೆ (ಆರ್ಟಿಫಿಶಿಯಲ್ ಇಂಟಲಿಜೆನ್ಸ್) ಇಂದು ಎಲ್ಲಾ ಕ್ಷೇತ್ರಗಳಲ್ಲೂ ವ್ಯಾಪಿಸಿದ್ದು ಮನುಷ್ಯರ ಉದ್ಯೋಗಕ್ಕೆ ತೊಡಕಾಗುವ ಸಾಧ್ಯತೆ ಇದೆ ಎಂದು ಶ್ರೀಗಳು ಆತಂಕ ವ್ಯಕ್ತಪಡಿಸಿದರು. ಮಠದ ಶಿಕ್ಷಣ ಸಂಸ್ಥೆಯಲ್ಲಿ ನಡೆದ ವಾರ್ಷಿಕೋತ್ಸವ ಸಮಾರಂಭದ ಸಾನ್ನಿಧ್ಯ ವಹಿಸಿ ಮಾತನಾಡಿದರು. ತಂತ್ರಜ್ಞಾನವನ್ನು ಸದ್ಬಳಕೆ ಮಾಡಿಕೊಳ್ಳಬೇಕು, ಮಾನವೀಯ ಮೌಲ್ಯಗಳನ್ನು ಉಳಿಸಿಕೊಳ್ಳಬೇಕು. ಮಕ್ಕಳಲ್ಲಿ ಸಂಸ್ಕಾರ ಬೆಳೆಸುವ ಕಾರ್ಯ ಪೋಷಕರಿಂದ ಆಗಬೇಕು ಎಂದರು. ವಿದ್ಯಾರ್ಥಿಗಳಿಂದ ಸಾಂಸ್ಕೃತಿಕ ಕಾರ್ಯಕ್ರಮಗಳು ನಡೆದವು. ಶಾಲೆಯ ಪ್ರತಿಭಾವಂತ ವಿದ್ಯಾರ್ಥಿಗಳನ್ನು ಸನ್ಮಾನಿಸಲಾಯಿತು. ಶಿಕ್ಷಕರು, ಪೋಷಕರು ಮತ್ತು ಗ್ರಾಮಸ್ಥರು ಪಾಲ್ಗೊಂಡಿದ್ದರು.
ಪಟ್ಟನಾಯಕನಹಳ್ಳಿ: ಕೃತಕ ಬುದ್ಧಿಮತ್ತೆ (ಆರ್ಟಿಫಿಶಿಯಲ್ ಇಂಟಲಿಜೆನ್ಸ್) ಇಂದು ಎಲ್ಲಾ ಕ್ಷೇತ್ರಗಳಲ್ಲೂ ವ್ಯಾಪಿಸಿದ್ದು ಮನುಷ್ಯರ ಉದ್ಯೋಗಕ್ಕೆ ತೊಡಕಾಗುವ ಸಾಧ್ಯತೆ ಇದೆ ಎಂದು ಶ್ರೀಗಳು ಆತಂಕ ವ್ಯಕ್ತಪಡಿಸಿದರು. ಮಠದ ಶಿಕ್ಷಣ ಸಂಸ್ಥೆಯಲ್ಲಿ ನಡೆದ ವಾರ್ಷಿಕೋತ್ಸವ ಸಮಾರಂಭದ ಸಾನ್ನಿಧ್ಯ ವಹಿಸಿ ಮಾತನಾಡಿದರು. ತಂತ್ರಜ್ಞಾನವನ್ನು ಸದ್ಬಳಕೆ ಮಾಡಿಕೊಳ್ಳಬೇಕು, ಮಾನವೀಯ ಮೌಲ್ಯಗಳನ್ನು ಉಳಿಸಿಕೊಳ್ಳಬೇಕು. ಮಕ್ಕಳಲ್ಲಿ ಸಂಸ್ಕಾರ ಬೆಳೆಸುವ ಕಾರ್ಯ ಪೋಷಕರಿಂದ ಆಗಬೇಕು ಎಂದರು. ವಿದ್ಯಾರ್ಥಿಗಳಿಂದ ಸಾಂಸ್ಕೃತಿಕ ಕಾರ್ಯಕ್ರಮಗಳು ನಡೆದವು. ಶಾಲೆಯ ಪ್ರತಿಭಾವಂತ ವಿದ್ಯಾರ್ಥಿಗಳನ್ನು ಸನ್ಮಾನಿಸಲಾಯಿತು. ಶಿಕ್ಷಕರು, ಪೋಷಕರು ಮತ್ತು ಗ್ರಾಮಸ್ಥರು ಪಾಲ್ಗೊಂಡಿದ್ದರು.
ಮಾರ್ಚ್ 2ಕ್ಕೆ ತಿಪಟೂರಿಗೆ ನಿಖಿಲ್ ಕುಮಾರಸ್ವಾಮಿ ಭೇಟಿ
ತಿಪಟೂರು: ಜೆಡಿಎಸ್ ಪಕ್ಷದ 25ನೇ ಸಂಸ್ಥಾಪನಾ ದಿನಾಚರಣೆಯ ಅಂಗವಾಗಿ ಪಕ್ಷ ಸಂಘಟನೆಗಾಗಿ ಮಾರ್ಚ್ 2ಕ್ಕೆ ತಿಪಟೂರಿಗೆ ಜೆಡಿಎಸ್ ಯುವ ಘಟಕದ ರಾಜ್ಯಾಧ್ಯಕ್ಷ ನಿಖಿಲ್ ಕುಮಾರಸ್ವಾಮಿ ಆಗಮಿಸಲಿದ್ದಾರೆ ಎಂದು ಜೆಡಿಎಸ್ ಮುಖಂಡ ಕೆ.ಟಿ.ಶಾಂತಕುಮಾರ್ ತಿಳಿಸಿದರು. ನಗರದ ಖಾಸಗಿ ಸಭಾಂಗಣದಲ್ಲಿ ನಡೆದ ಪೂರ್ವಭಾವಿ ಸಭೆಯಲ್ಲಿ ಮಾತನಾಡಿದ ಅವರು, ತಾಲ್ಲೂಕಿನ ಎಲ್ಲಾ ಗ್ರಾಮ ಪಂಚಾಯಿತಿ ಮಟ್ಟದ ಕಾರ್ಯಕರ್ತರು ಹಾಗೂ ಮುಖಂಡರು ಕಾರ್ಯಕ್ರಮದಲ್ಲಿ ಭಾಗವಹಿಸಿ ಯಶಸ್ವಿಗೊಳಿಸಬೇಕು. ಪಕ್ಷವನ್ನು ತಳಮಟ್ಟದಿಂದ ಬಲಪಡಿಸಲು ಎಲ್ಲರೂ ಶ್ರಮಿಸಬೇಕು ಎಂದರು. ಸಭೆಯಲ್ಲಿ ತಾಲ್ಲೂಕು ಅಧ್ಯಕ್ಷರು, ಮಹಿಳಾ ಘಟಕದ ಪದಾಧಿಕಾರಿಗಳು, ಯುವ ಮುಖಂಡರು ಹಾಗೂ ಕಾರ್ಯಕರ್ತರು ಹಾಜರಿದ್ದರು. ಕಾರ್ಯಕ್ರಮದ ರೂಪುರೇಷೆಗಳ ಬಗ್ಗೆ ಚರ್ಚಿಸಲಾಯಿತು.
ತಿಪಟೂರು: ಜೆಡಿಎಸ್ ಪಕ್ಷದ 25ನೇ ಸಂಸ್ಥಾಪನಾ ದಿನಾಚರಣೆಯ ಅಂಗವಾಗಿ ಪಕ್ಷ ಸಂಘಟನೆಗಾಗಿ ಮಾರ್ಚ್ 2ಕ್ಕೆ ತಿಪಟೂರಿಗೆ ಜೆಡಿಎಸ್ ಯುವ ಘಟಕದ ರಾಜ್ಯಾಧ್ಯಕ್ಷ ನಿಖಿಲ್ ಕುಮಾರಸ್ವಾಮಿ ಆಗಮಿಸಲಿದ್ದಾರೆ ಎಂದು ಜೆಡಿಎಸ್ ಮುಖಂಡ ಕೆ.ಟಿ.ಶಾಂತಕುಮಾರ್ ತಿಳಿಸಿದರು. ನಗರದ ಖಾಸಗಿ ಸಭಾಂಗಣದಲ್ಲಿ ನಡೆದ ಪೂರ್ವಭಾವಿ ಸಭೆಯಲ್ಲಿ ಮಾತನಾಡಿದ ಅವರು, ತಾಲ್ಲೂಕಿನ ಎಲ್ಲಾ ಗ್ರಾಮ ಪಂಚಾಯಿತಿ ಮಟ್ಟದ ಕಾರ್ಯಕರ್ತರು ಹಾಗೂ ಮುಖಂಡರು ಕಾರ್ಯಕ್ರಮದಲ್ಲಿ ಭಾಗವಹಿಸಿ ಯಶಸ್ವಿಗೊಳಿಸಬೇಕು. ಪಕ್ಷವನ್ನು ತಳಮಟ್ಟದಿಂದ ಬಲಪಡಿಸಲು ಎಲ್ಲರೂ ಶ್ರಮಿಸಬೇಕು ಎಂದರು. ಸಭೆಯಲ್ಲಿ ತಾಲ್ಲೂಕು ಅಧ್ಯಕ್ಷರು, ಮಹಿಳಾ ಘಟಕದ ಪದಾಧಿಕಾರಿಗಳು, ಯುವ ಮುಖಂಡರು ಹಾಗೂ ಕಾರ್ಯಕರ್ತರು ಹಾಜರಿದ್ದರು. ಕಾರ್ಯಕ್ರಮದ ರೂಪುರೇಷೆಗಳ ಬಗ್ಗೆ ಚರ್ಚಿಸಲಾಯಿತು.
ತಿಪಟೂರು: ಜೆಡಿಎಸ್ ಪಕ್ಷದ 25ನೇ ಸಂಸ್ಥಾಪನಾ ದಿನಾಚರಣೆಯ ಅಂಗವಾಗಿ ಪಕ್ಷ ಸಂಘಟನೆಗಾಗಿ ಮಾರ್ಚ್ 2ಕ್ಕೆ ತಿಪಟೂರಿಗೆ ಜೆಡಿಎಸ್ ಯುವ ಘಟಕದ ರಾಜ್ಯಾಧ್ಯಕ್ಷ ನಿಖಿಲ್ ಕುಮಾರಸ್ವಾಮಿ ಆಗಮಿಸಲಿದ್ದಾರೆ ಎಂದು ಜೆಡಿಎಸ್ ಮುಖಂಡ ಕೆ.ಟಿ.ಶಾಂತಕುಮಾರ್ ತಿಳಿಸಿದರು. ನಗರದ ಖಾಸಗಿ ಸಭಾಂಗಣದಲ್ಲಿ ನಡೆದ ಪೂರ್ವಭಾವಿ ಸಭೆಯಲ್ಲಿ ಮಾತನಾಡಿದ ಅವರು, ತಾಲ್ಲೂಕಿನ ಎಲ್ಲಾ ಗ್ರಾಮ ಪಂಚಾಯಿತಿ ಮಟ್ಟದ ಕಾರ್ಯಕರ್ತರು ಹಾಗೂ ಮುಖಂಡರು ಕಾರ್ಯಕ್ರಮದಲ್ಲಿ ಭಾಗವಹಿಸಿ ಯಶಸ್ವಿಗೊಳಿಸಬೇಕು. ಪಕ್ಷವನ್ನು ತಳಮಟ್ಟದಿಂದ ಬಲಪಡಿಸಲು ಎಲ್ಲರೂ ಶ್ರಮಿಸಬೇಕು ಎಂದರು. ಸಭೆಯಲ್ಲಿ ತಾಲ್ಲೂಕು ಅಧ್ಯಕ್ಷರು, ಮಹಿಳಾ ಘಟಕದ ಪದಾಧಿಕಾರಿಗಳು, ಯುವ ಮುಖಂಡರು ಹಾಗೂ ಕಾರ್ಯಕರ್ತರು ಹಾಜರಿದ್ದರು. ಕಾರ್ಯಕ್ರಮದ ರೂಪುರೇಷೆಗಳ ಬಗ್ಗೆ ಚರ್ಚಿಸಲಾಯಿತು.
Printed and Published by : sogadu venkatesh, Owned by : sogadu venkatesh, Editor : SOGADU VENKATESH, Printed at : SHREYAS PRINTERS, vasanthanarasapura Industrial Area, Kora Hobli, Tumkur Taluk, Tumkur, Published at police
Narayana Rao Building, Puttanjanaya swamy Temple Road, Opp Ganapathi Stotes, Vidya nagar, tumkur-572103, Tell Phone : 0816-2280202, Mo.No : 9986593961, Mail : vishalaprabhatmk@gmail.com
